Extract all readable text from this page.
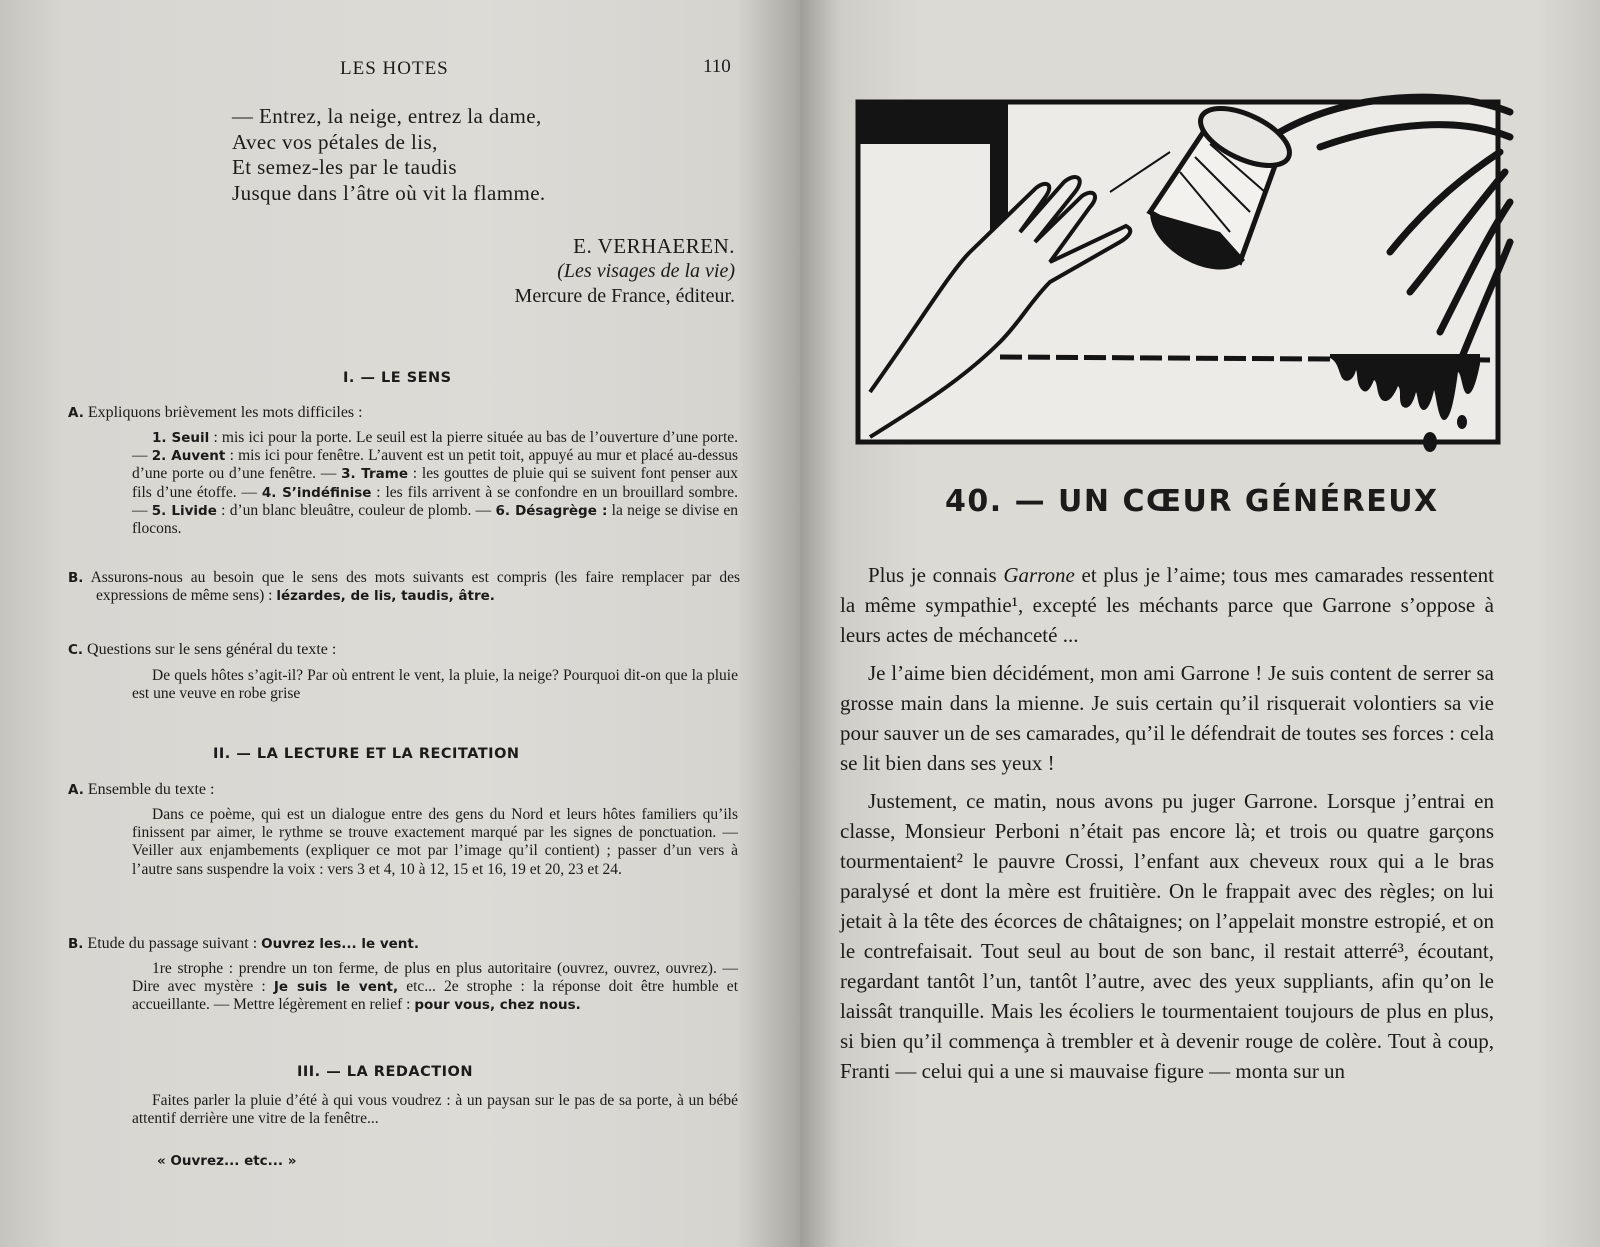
LES HOTES	110
— Entrez, la neige, entrez la dame,
Avec vos pétales de lis,
Et semez-les par le taudis
Jusque dans l’âtre où vit la flamme.
E. VERHAEREN.
(Les visages de la vie)
Mercure de France, éditeur.
I. — LE SENS
A. Expliquons brièvement les mots difficiles :
1. Seuil : mis ici pour la porte. Le seuil est la pierre située au bas de l’ouverture d’une porte. — 2. Auvent : mis ici pour fenêtre. L’auvent est un petit toit, appuyé au mur et placé au-dessus d’une porte ou d’une fenêtre. — 3. Trame : les gouttes de pluie qui se suivent font penser aux fils d’une étoffe. — 4. S’indéfinise : les fils arrivent à se confondre en un brouillard sombre. — 5. Livide : d’un blanc bleuâtre, couleur de plomb. — 6. Désagrège : la neige se divise en flocons.
B. Assurons-nous au besoin que le sens des mots suivants est compris (les faire remplacer par des expressions de même sens) : lézardes, de lis, taudis, âtre.
C. Questions sur le sens général du texte :
De quels hôtes s’agit-il? Par où entrent le vent, la pluie, la neige? Pourquoi dit-on que la pluie est une veuve en robe grise
II. — LA LECTURE ET LA RECITATION
A. Ensemble du texte :
Dans ce poème, qui est un dialogue entre des gens du Nord et leurs hôtes familiers qu’ils finissent par aimer, le rythme se trouve exactement marqué par les signes de ponctuation. — Veiller aux enjambements (expliquer ce mot par l’image qu’il contient) ; passer d’un vers à l’autre sans suspendre la voix : vers 3 et 4, 10 à 12, 15 et 16, 19 et 20, 23 et 24.
B. Etude du passage suivant : Ouvrez les... le vent.
1re strophe : prendre un ton ferme, de plus en plus autoritaire (ouvrez, ouvrez, ouvrez). — Dire avec mystère : Je suis le vent, etc... 2e strophe : la réponse doit être humble et accueillante. — Mettre légèrement en relief : pour vous, chez nous.
III. — LA REDACTION
Faites parler la pluie d’été à qui vous voudrez : à un paysan sur le pas de sa porte, à un bébé attentif derrière une vitre de la fenêtre...
« Ouvrez... etc... »
RB
40. — UN CŒUR GÉNÉREUX

Plus je connais Garrone et plus je l’aime; tous mes camarades ressentent la même sympathie¹, excepté les méchants parce que Garrone s’oppose à leurs actes de méchanceté ...

Je l’aime bien décidément, mon ami Garrone ! Je suis content de serrer sa grosse main dans la mienne. Je suis certain qu’il risquerait volontiers sa vie pour sauver un de ses camarades, qu’il le défendrait de toutes ses forces : cela se lit bien dans ses yeux !

Justement, ce matin, nous avons pu juger Garrone. Lorsque j’entrai en classe, Monsieur Perboni n’était pas encore là; et trois ou quatre garçons tourmentaient² le pauvre Crossi, l’enfant aux cheveux roux qui a le bras paralysé et dont la mère est fruitière. On le frappait avec des règles; on lui jetait à la tête des écorces de châtaignes; on l’appelait monstre estropié, et on le contrefaisait. Tout seul au bout de son banc, il restait atterré³, écoutant, regardant tantôt l’un, tantôt l’autre, avec des yeux suppliants, afin qu’on le laissât tranquille. Mais les écoliers le tourmentaient toujours de plus en plus, si bien qu’il commença à trembler et à devenir rouge de colère. Tout à coup, Franti — celui qui a une si mauvaise figure — monta sur un
